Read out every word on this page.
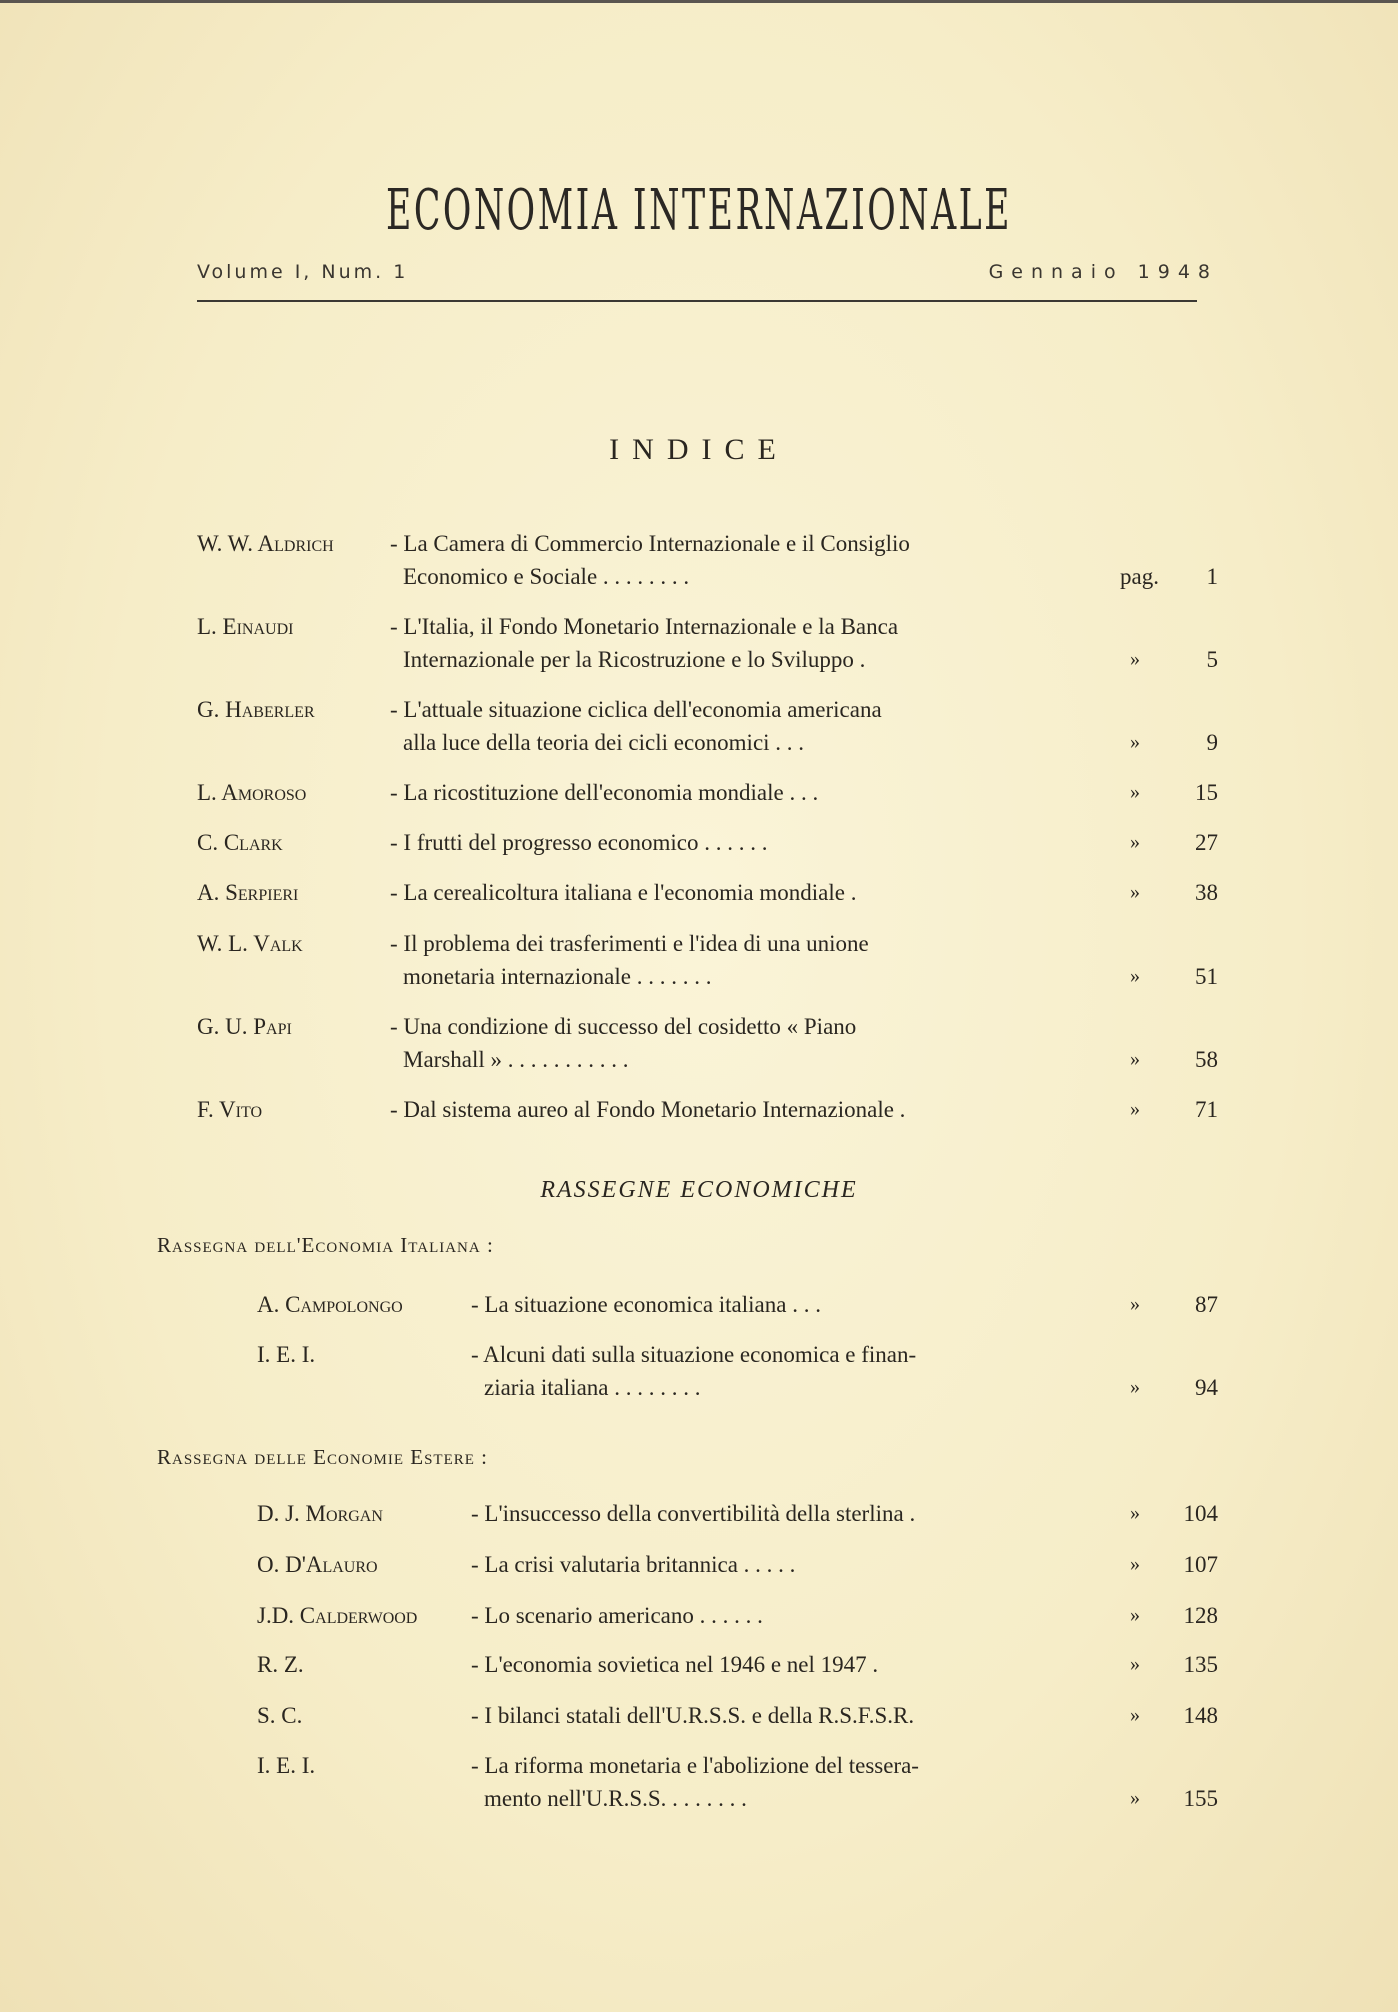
ECONOMIA INTERNAZIONALE
Volume I, Num. 1	Gennaio 1948
INDICE
W. W. Aldrich - La Camera di Commercio Internazionale e il Consiglio
Economico e Sociale . . . . . . . .	pag.	1
L. Einaudi	- L'Italia, il Fondo Monetario Internazionale e la Banca
Internazionale per la Ricostruzione e lo Sviluppo .	»	5
G. Haberler	- L'attuale situazione ciclica dell'economia americana
alla luce della teoria dei cicli economici . . .	»	9
L. Amoroso	- La ricostituzione dell'economia mondiale . . .	»	15
C. Clark	- I frutti del progresso economico . . . . . .	»	27
A. Serpieri	- La cerealicoltura italiana e l'economia mondiale .	»	38
W. L. Valk	- Il problema dei trasferimenti e l'idea di una unione
monetaria internazionale . . . . . . .	»	51
G. U. Papi	- Una condizione di successo del cosidetto « Piano
Marshall » . . . . . . . . . . .	»	58
F. Vito	- Dal sistema aureo al Fondo Monetario Internazionale .	»	71
RASSEGNE ECONOMICHE
Rassegna dell'Economia Italiana :
A. Campolongo	- La situazione economica italiana . . .	»	87
I. E. I.	- Alcuni dati sulla situazione economica e finan-
ziaria italiana . . . . . . . .	»	94
Rassegna delle Economie Estere :
D. J. Morgan	- L'insuccesso della convertibilità della sterlina .	»	104
O. D'Alauro	- La crisi valutaria britannica . . . . .	»	107
J.D. Calderwood - Lo scenario americano . . . . . .	»	128
R. Z.	- L'economia sovietica nel 1946 e nel 1947 .	»	135
S. C.	- I bilanci statali dell'U.R.S.S. e della R.S.F.S.R.	»	148
I. E. I.	- La riforma monetaria e l'abolizione del tessera-
mento nell'U.R.S.S. . . . . . . .	»	155
